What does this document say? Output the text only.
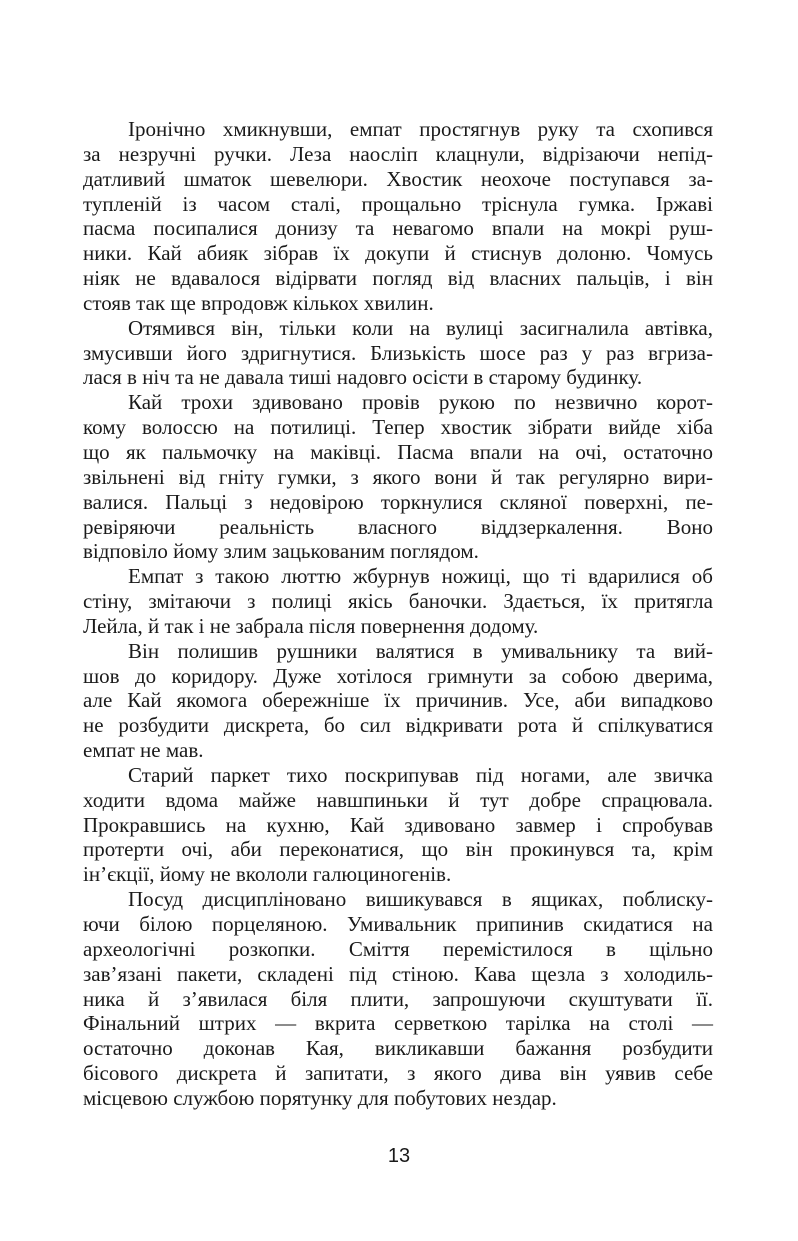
Іронічно хмикнувши, емпат простягнув руку та схопився
за незручні ручки. Леза наосліп клацнули, відрізаючи непід-
датливий шматок шевелюри. Хвостик неохоче поступався за-
тупленій із часом сталі, прощально тріснула гумка. Іржаві
пасма посипалися донизу та невагомо впали на мокрі руш-
ники. Кай абияк зібрав їх докупи й стиснув долоню. Чомусь
ніяк не вдавалося відірвати погляд від власних пальців, і він
стояв так ще впродовж кількох хвилин.
Отямився він, тільки коли на вулиці засигналила автівка,
змусивши його здригнутися. Близькість шосе раз у раз вгриза-
лася в ніч та не давала тиші надовго осісти в старому будинку.
Кай трохи здивовано провів рукою по незвично корот-
кому волоссю на потилиці. Тепер хвостик зібрати вийде хіба
що як пальмочку на маківці. Пасма впали на очі, остаточно
звільнені від гніту гумки, з якого вони й так регулярно вири-
валися. Пальці з недовірою торкнулися скляної поверхні, пе-
ревіряючи реальність власного віддзеркалення. Воно
відповіло йому злим зацькованим поглядом.
Емпат з такою люттю жбурнув ножиці, що ті вдарилися об
стіну, змітаючи з полиці якісь баночки. Здається, їх притягла
Лейла, й так і не забрала після повернення додому.
Він полишив рушники валятися в умивальнику та вий-
шов до коридору. Дуже хотілося гримнути за собою дверима,
але Кай якомога обережніше їх причинив. Усе, аби випадково
не розбудити дискрета, бо сил відкривати рота й спілкуватися
емпат не мав.
Старий паркет тихо поскрипував під ногами, але звичка
ходити вдома майже навшпиньки й тут добре спрацювала.
Прокравшись на кухню, Кай здивовано завмер і спробував
протерти очі, аби переконатися, що він прокинувся та, крім
ін’єкції, йому не вкололи галюциногенів.
Посуд дисципліновано вишикувався в ящиках, поблиску-
ючи білою порцеляною. Умивальник припинив скидатися на
археологічні розкопки. Сміття перемістилося в щільно
зав’язані пакети, складені під стіною. Кава щезла з холодиль-
ника й з’явилася біля плити, запрошуючи скуштувати її.
Фінальний штрих — вкрита серветкою тарілка на столі —
остаточно доконав Кая, викликавши бажання розбудити
бісового дискрета й запитати, з якого дива він уявив себе
місцевою службою порятунку для побутових нездар.
13
